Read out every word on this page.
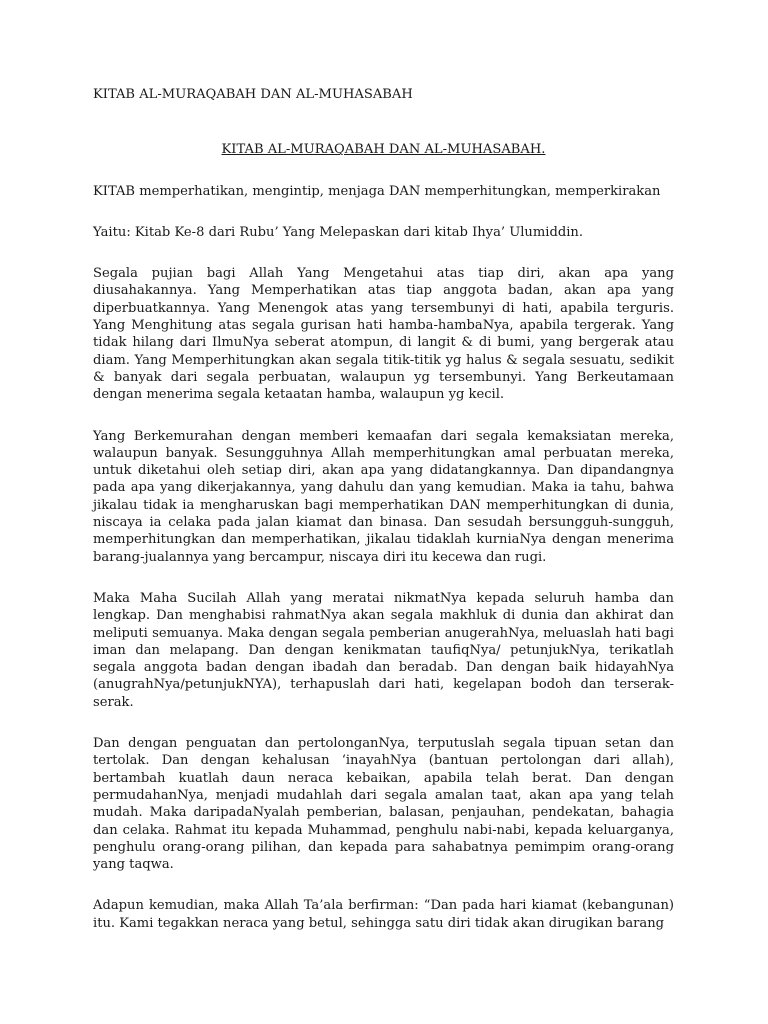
KITAB AL-MURAQABAH DAN AL-MUHASABAH

KITAB AL-MURAQABAH DAN AL-MUHASABAH.

KITAB memperhatikan, mengintip, menjaga DAN memperhitungkan, memperkirakan

Yaitu: Kitab Ke-8 dari Rubu’ Yang Melepaskan dari kitab Ihya’ Ulumiddin.

Segala pujian bagi Allah Yang Mengetahui atas tiap diri, akan apa yang diusahakannya. Yang Memperhatikan atas tiap anggota badan, akan apa yang diperbuatkannya. Yang Menengok atas yang tersembunyi di hati, apabila terguris. Yang Menghitung atas segala gurisan hati hamba-hambaNya, apabila tergerak. Yang tidak hilang dari IlmuNya seberat atompun, di langit & di bumi, yang bergerak atau diam. Yang Memperhitungkan akan segala titik-titik yg halus & segala sesuatu, sedikit & banyak dari segala perbuatan, walaupun yg tersembunyi. Yang Berkeutamaan dengan menerima segala ketaatan hamba, walaupun yg kecil.

Yang Berkemurahan dengan memberi kemaafan dari segala kemaksiatan mereka, walaupun banyak. Sesungguhnya Allah memperhitungkan amal perbuatan mereka, untuk diketahui oleh setiap diri, akan apa yang didatangkannya. Dan dipandangnya pada apa yang dikerjakannya, yang dahulu dan yang kemudian. Maka ia tahu, bahwa jikalau tidak ia mengharuskan bagi memperhatikan DAN memperhitungkan di dunia, niscaya ia celaka pada jalan kiamat dan binasa. Dan sesudah bersungguh-sungguh, memperhitungkan dan memperhatikan, jikalau tidaklah kurniaNya dengan menerima barang-jualannya yang bercampur, niscaya diri itu kecewa dan rugi.

Maka Maha Sucilah Allah yang meratai nikmatNya kepada seluruh hamba dan lengkap. Dan menghabisi rahmatNya akan segala makhluk di dunia dan akhirat dan meliputi semuanya. Maka dengan segala pemberian anugerahNya, meluaslah hati bagi iman dan melapang. Dan dengan kenikmatan taufiqNya/ petunjukNya, terikatlah segala anggota badan dengan ibadah dan beradab. Dan dengan baik hidayahNya (anugrahNya/petunjukNYA), terhapuslah dari hati, kegelapan bodoh dan terserak-serak.

Dan dengan penguatan dan pertolonganNya, terputuslah segala tipuan setan dan tertolak. Dan dengan kehalusan ‘inayahNya (bantuan pertolongan dari allah), bertambah kuatlah daun neraca kebaikan, apabila telah berat. Dan dengan permudahanNya, menjadi mudahlah dari segala amalan taat, akan apa yang telah mudah. Maka daripadaNyalah pemberian, balasan, penjauhan, pendekatan, bahagia dan celaka. Rahmat itu kepada Muhammad, penghulu nabi-nabi, kepada keluarganya, penghulu orang-orang pilihan, dan kepada para sahabatnya pemimpim orang-orang yang taqwa.

Adapun kemudian, maka Allah Ta’ala berfirman: “Dan pada hari kiamat (kebangunan) itu. Kami tegakkan neraca yang betul, sehingga satu diri tidak akan dirugikan barang
